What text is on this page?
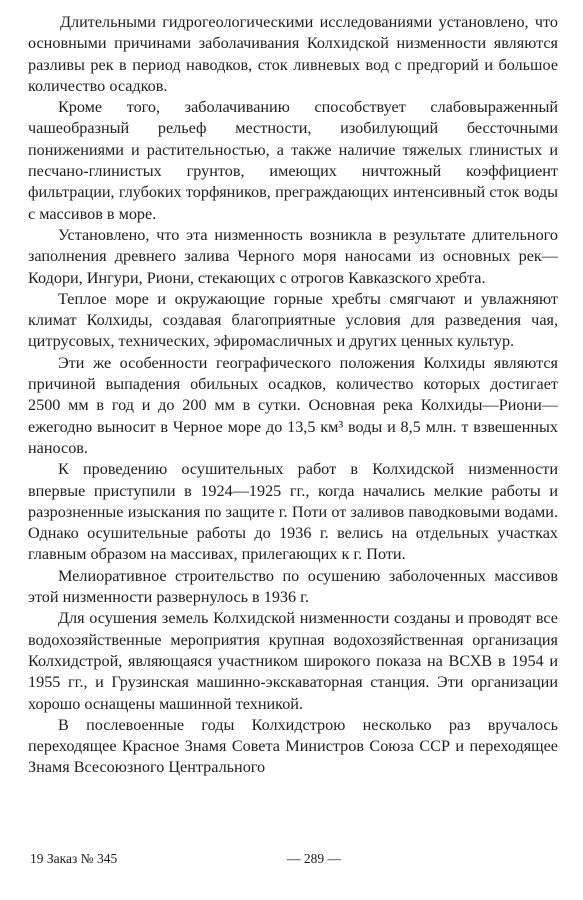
Длительными гидрогеологическими исследованиями установлено, что основными причинами заболачивания Колхидской низменности являются разливы рек в период наводков, сток ливневых вод с предгорий и большое количество осадков.

Кроме того, заболачиванию способствует слабовыраженный чашеобразный рельеф местности, изобилующий бессточными понижениями и растительностью, а также наличие тяжелых глинистых и песчано-глинистых грунтов, имеющих ничтожный коэффициент фильтрации, глубоких торфяников, преграждающих интенсивный сток воды с массивов в море.

Установлено, что эта низменность возникла в результате длительного заполнения древнего залива Черного моря наносами из основных рек—Кодори, Ингури, Риони, стекающих с отрогов Кавказского хребта.

Теплое море и окружающие горные хребты смягчают и увлажняют климат Колхиды, создавая благоприятные условия для разведения чая, цитрусовых, технических, эфиромасличных и других ценных культур.

Эти же особенности географического положения Колхиды являются причиной выпадения обильных осадков, количество которых достигает 2500 мм в год и до 200 мм в сутки. Основная река Колхиды—Риони—ежегодно выносит в Черное море до 13,5 км³ воды и 8,5 млн. т взвешенных наносов.

К проведению осушительных работ в Колхидской низменности впервые приступили в 1924—1925 гг., когда начались мелкие работы и разрозненные изыскания по защите г. Поти от заливов паводковыми водами. Однако осушительные работы до 1936 г. велись на отдельных участках главным образом на массивах, прилегающих к г. Поти.

Мелиоративное строительство по осушению заболоченных массивов этой низменности развернулось в 1936 г.

Для осушения земель Колхидской низменности созданы и проводят все водохозяйственные мероприятия крупная водохозяйственная организация Колхидстрой, являющаяся участником широкого показа на ВСХВ в 1954 и 1955 гг., и Грузинская машинно-экскаваторная станция. Эти организации хорошо оснащены машинной техникой.

В послевоенные годы Колхидстрою несколько раз вручалось переходящее Красное Знамя Совета Министров Союза ССР и переходящее Знамя Всесоюзного Центрального

19 Заказ № 345	— 289 —
